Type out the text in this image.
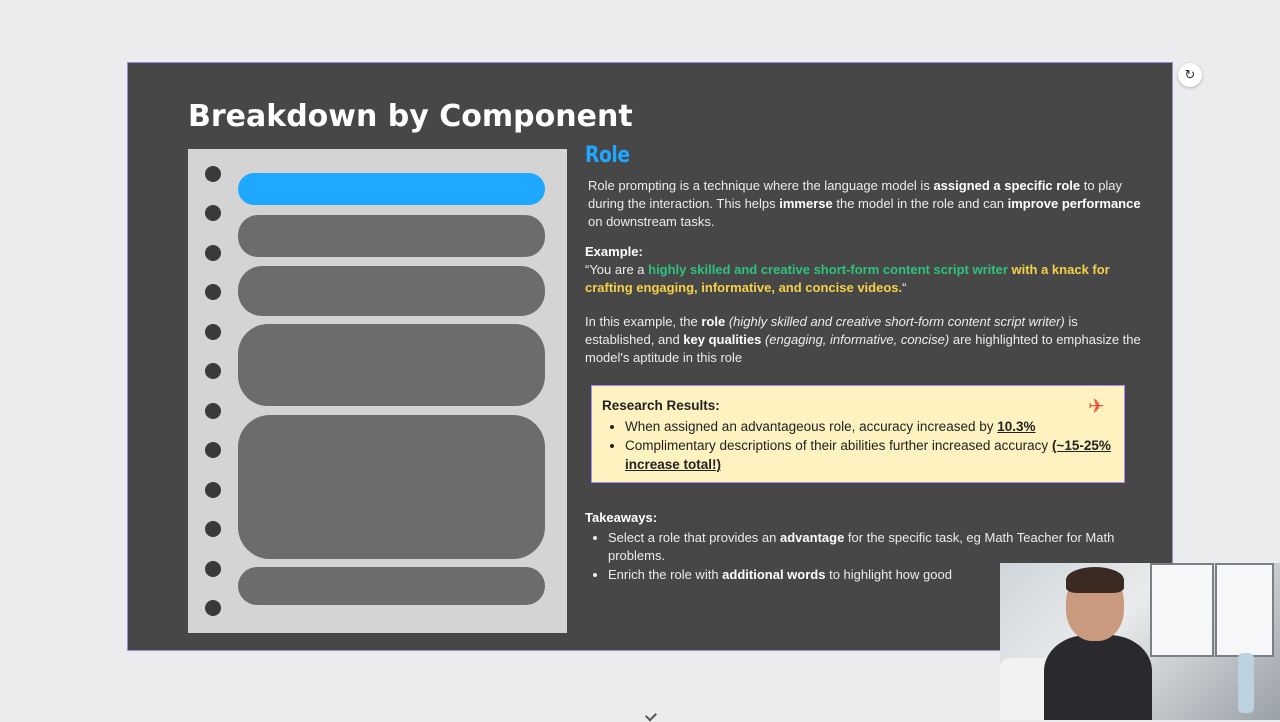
Breakdown by Component
Role

Role prompting is a technique where the language model is assigned a specific role to play during the interaction. This helps immerse the model in the role and can improve performance on downstream tasks.

Example:
“You are a highly skilled and creative short-form content script writer with a knack for crafting engaging, informative, and concise videos.“

In this example, the role (highly skilled and creative short-form content script writer) is established, and key qualities (engaging, informative, concise) are highlighted to emphasize the model's aptitude in this role

✈
Research Results:
• When assigned an advantageous role, accuracy increased by 10.3%
• Complimentary descriptions of their abilities further increased accuracy (~15-25% increase total!)
Takeaways:
• Select a role that provides an advantage for the specific task, eg Math Teacher for Math problems.
• Enrich the role with additional words to highlight how good
↻
